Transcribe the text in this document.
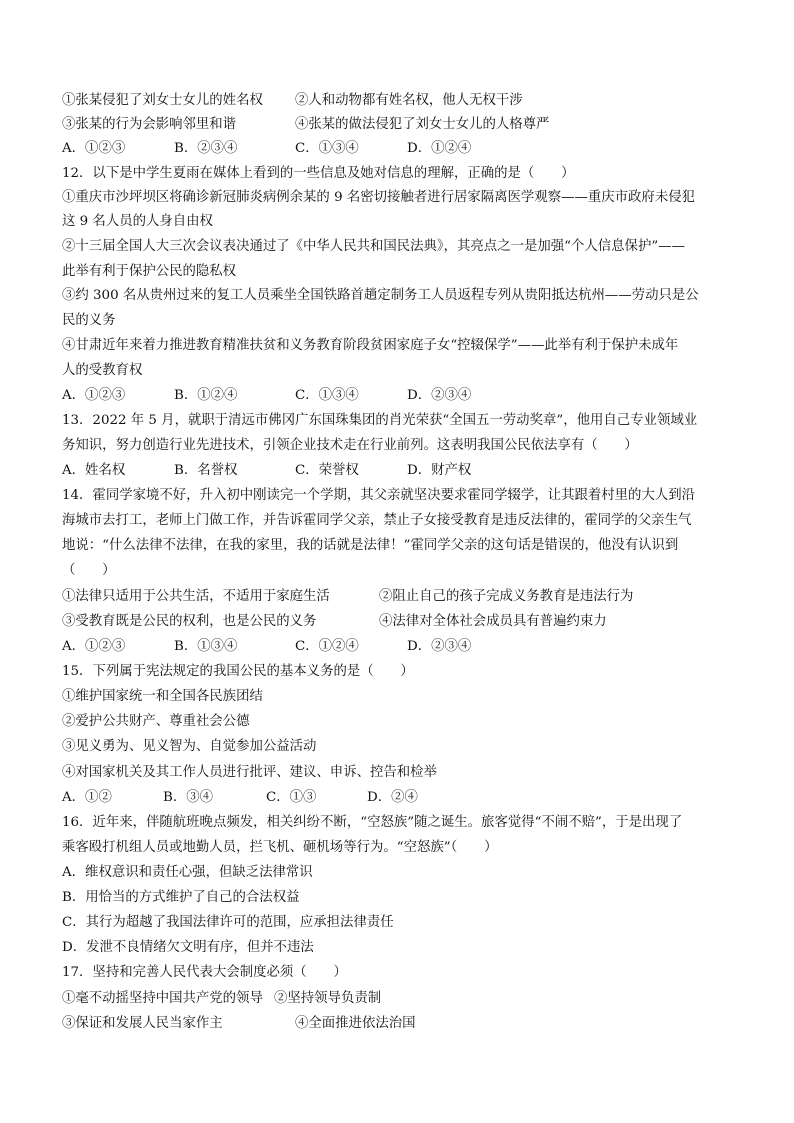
①张某侵犯了刘女士女儿的姓名权 ②人和动物都有姓名权，他人无权干涉
③张某的行为会影响邻里和谐	④张某的做法侵犯了刘女士女儿的人格尊严
A．①②③	B．②③④	C．①③④	D．①②④
12．以下是中学生夏雨在媒体上看到的一些信息及她对信息的理解，正确的是（　　）
①重庆市沙坪坝区将确诊新冠肺炎病例余某的 9 名密切接触者进行居家隔离医学观察——重庆市政府未侵犯
这 9 名人员的人身自由权
②十三届全国人大三次会议表决通过了《中华人民共和国民法典》，其亮点之一是加强“个人信息保护”——
此举有利于保护公民的隐私权
③约 300 名从贵州过来的复工人员乘坐全国铁路首趟定制务工人员返程专列从贵阳抵达杭州——劳动只是公
民的义务
④甘肃近年来着力推进教育精准扶贫和义务教育阶段贫困家庭子女“控辍保学”——此举有利于保护未成年
人的受教育权
A．①②③	B．①②④	C．①③④	D．②③④
13．2022 年 5 月，就职于清远市佛冈广东国珠集团的肖光荣获“全国五一劳动奖章”，他用自己专业领域业
务知识，努力创造行业先进技术，引领企业技术走在行业前列。这表明我国公民依法享有（　　）
A．姓名权	B．名誉权	C．荣誉权	D．财产权
14．霍同学家境不好，升入初中刚读完一个学期，其父亲就坚决要求霍同学辍学，让其跟着村里的大人到沿
海城市去打工，老师上门做工作，并告诉霍同学父亲，禁止子女接受教育是违反法律的，霍同学的父亲生气
地说：“什么法律不法律，在我的家里，我的话就是法律！”霍同学父亲的这句话是错误的，他没有认识到
（　　）
①法律只适用于公共生活，不适用于家庭生活	②阻止自己的孩子完成义务教育是违法行为
③受教育既是公民的权利，也是公民的义务	④法律对全体社会成员具有普遍约束力
A．①②③	B．①③④	C．①②④	D．②③④
15．下列属于宪法规定的我国公民的基本义务的是（　　）
①维护国家统一和全国各民族团结
②爱护公共财产、尊重社会公德
③见义勇为、见义智为、自觉参加公益活动
④对国家机关及其工作人员进行批评、建议、申诉、控告和检举
A．①②	B．③④	C．①③	D．②④
16．近年来，伴随航班晚点频发，相关纠纷不断，“空怒族”随之诞生。旅客觉得“不闹不赔”，于是出现了
乘客殴打机组人员或地勤人员，拦飞机、砸机场等行为。“空怒族”（　　）
A．维权意识和责任心强，但缺乏法律常识
B．用恰当的方式维护了自己的合法权益
C．其行为超越了我国法律许可的范围，应承担法律责任
D．发泄不良情绪欠文明有序，但并不违法
17．坚持和完善人民代表大会制度必须（　　）
①毫不动摇坚持中国共产党的领导 ②坚持领导负责制
③保证和发展人民当家作主	④全面推进依法治国
